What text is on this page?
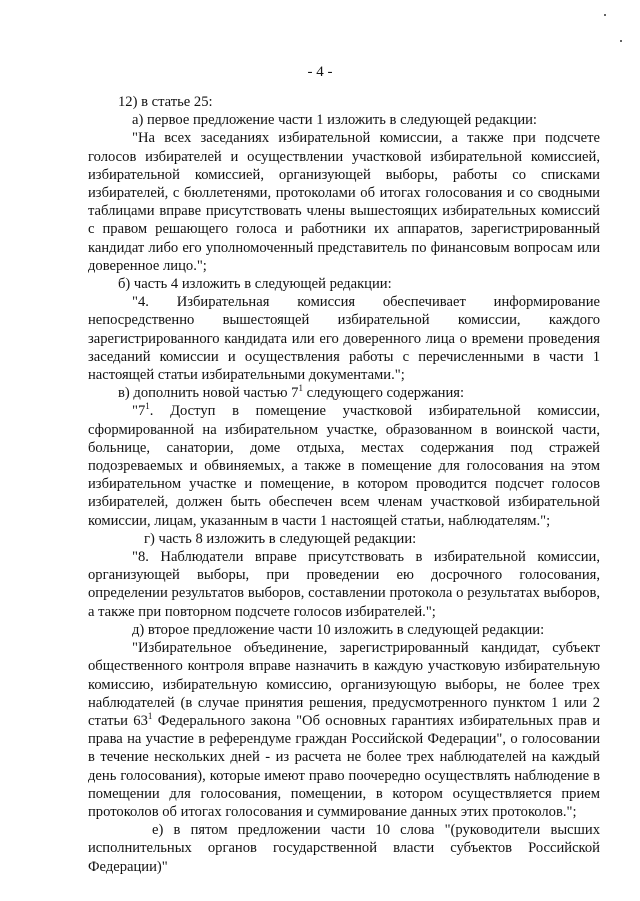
- 4 -

12) в статье 25:

а) первое предложение части 1 изложить в следующей редакции:

"На всех заседаниях избирательной комиссии, а также при подсчете голосов избирателей и осуществлении участковой избирательной комиссией, избирательной комиссией, организующей выборы, работы со списками избирателей, с бюллетенями, протоколами об итогах голосования и со сводными таблицами вправе присутствовать члены вышестоящих избирательных комиссий с правом решающего голоса и работники их аппаратов, зарегистрированный кандидат либо его уполномоченный представитель по финансовым вопросам или доверенное лицо.";

б) часть 4 изложить в следующей редакции:

"4. Избирательная комиссия обеспечивает информирование непосредственно вышестоящей избирательной комиссии, каждого зарегистрированного кандидата или его доверенного лица о времени проведения заседаний комиссии и осуществления работы с перечисленными в части 1 настоящей статьи избирательными документами.";

в) дополнить новой частью $7^1$ следующего содержания:

"$7^1$. Доступ в помещение участковой избирательной комиссии, сформированной на избирательном участке, образованном в воинской части, больнице, санатории, доме отдыха, местах содержания под стражей подозреваемых и обвиняемых, а также в помещение для голосования на этом избирательном участке и помещение, в котором проводится подсчет голосов избирателей, должен быть обеспечен всем членам участковой избирательной комиссии, лицам, указанным в части 1 настоящей статьи, наблюдателям.";

г) часть 8 изложить в следующей редакции:

"8. Наблюдатели вправе присутствовать в избирательной комиссии, организующей выборы, при проведении ею досрочного голосования, определении результатов выборов, составлении протокола о результатах выборов, а также при повторном подсчете голосов избирателей.";

д) второе предложение части 10 изложить в следующей редакции:

"Избирательное объединение, зарегистрированный кандидат, субъект общественного контроля вправе назначить в каждую участковую избирательную комиссию, избирательную комиссию, организующую выборы, не более трех наблюдателей (в случае принятия решения, предусмотренного пунктом 1 или 2 статьи $63^1$ Федерального закона "Об основных гарантиях избирательных прав и права на участие в референдуме граждан Российской Федерации", о голосовании в течение нескольких дней - из расчета не более трех наблюдателей на каждый день голосования), которые имеют право поочередно осуществлять наблюдение в помещении для голосования, помещении, в котором осуществляется прием протоколов об итогах голосования и суммирование данных этих протоколов.";

е) в пятом предложении части 10 слова "(руководители высших исполнительных органов государственной власти субъектов Российской Федерации)"
